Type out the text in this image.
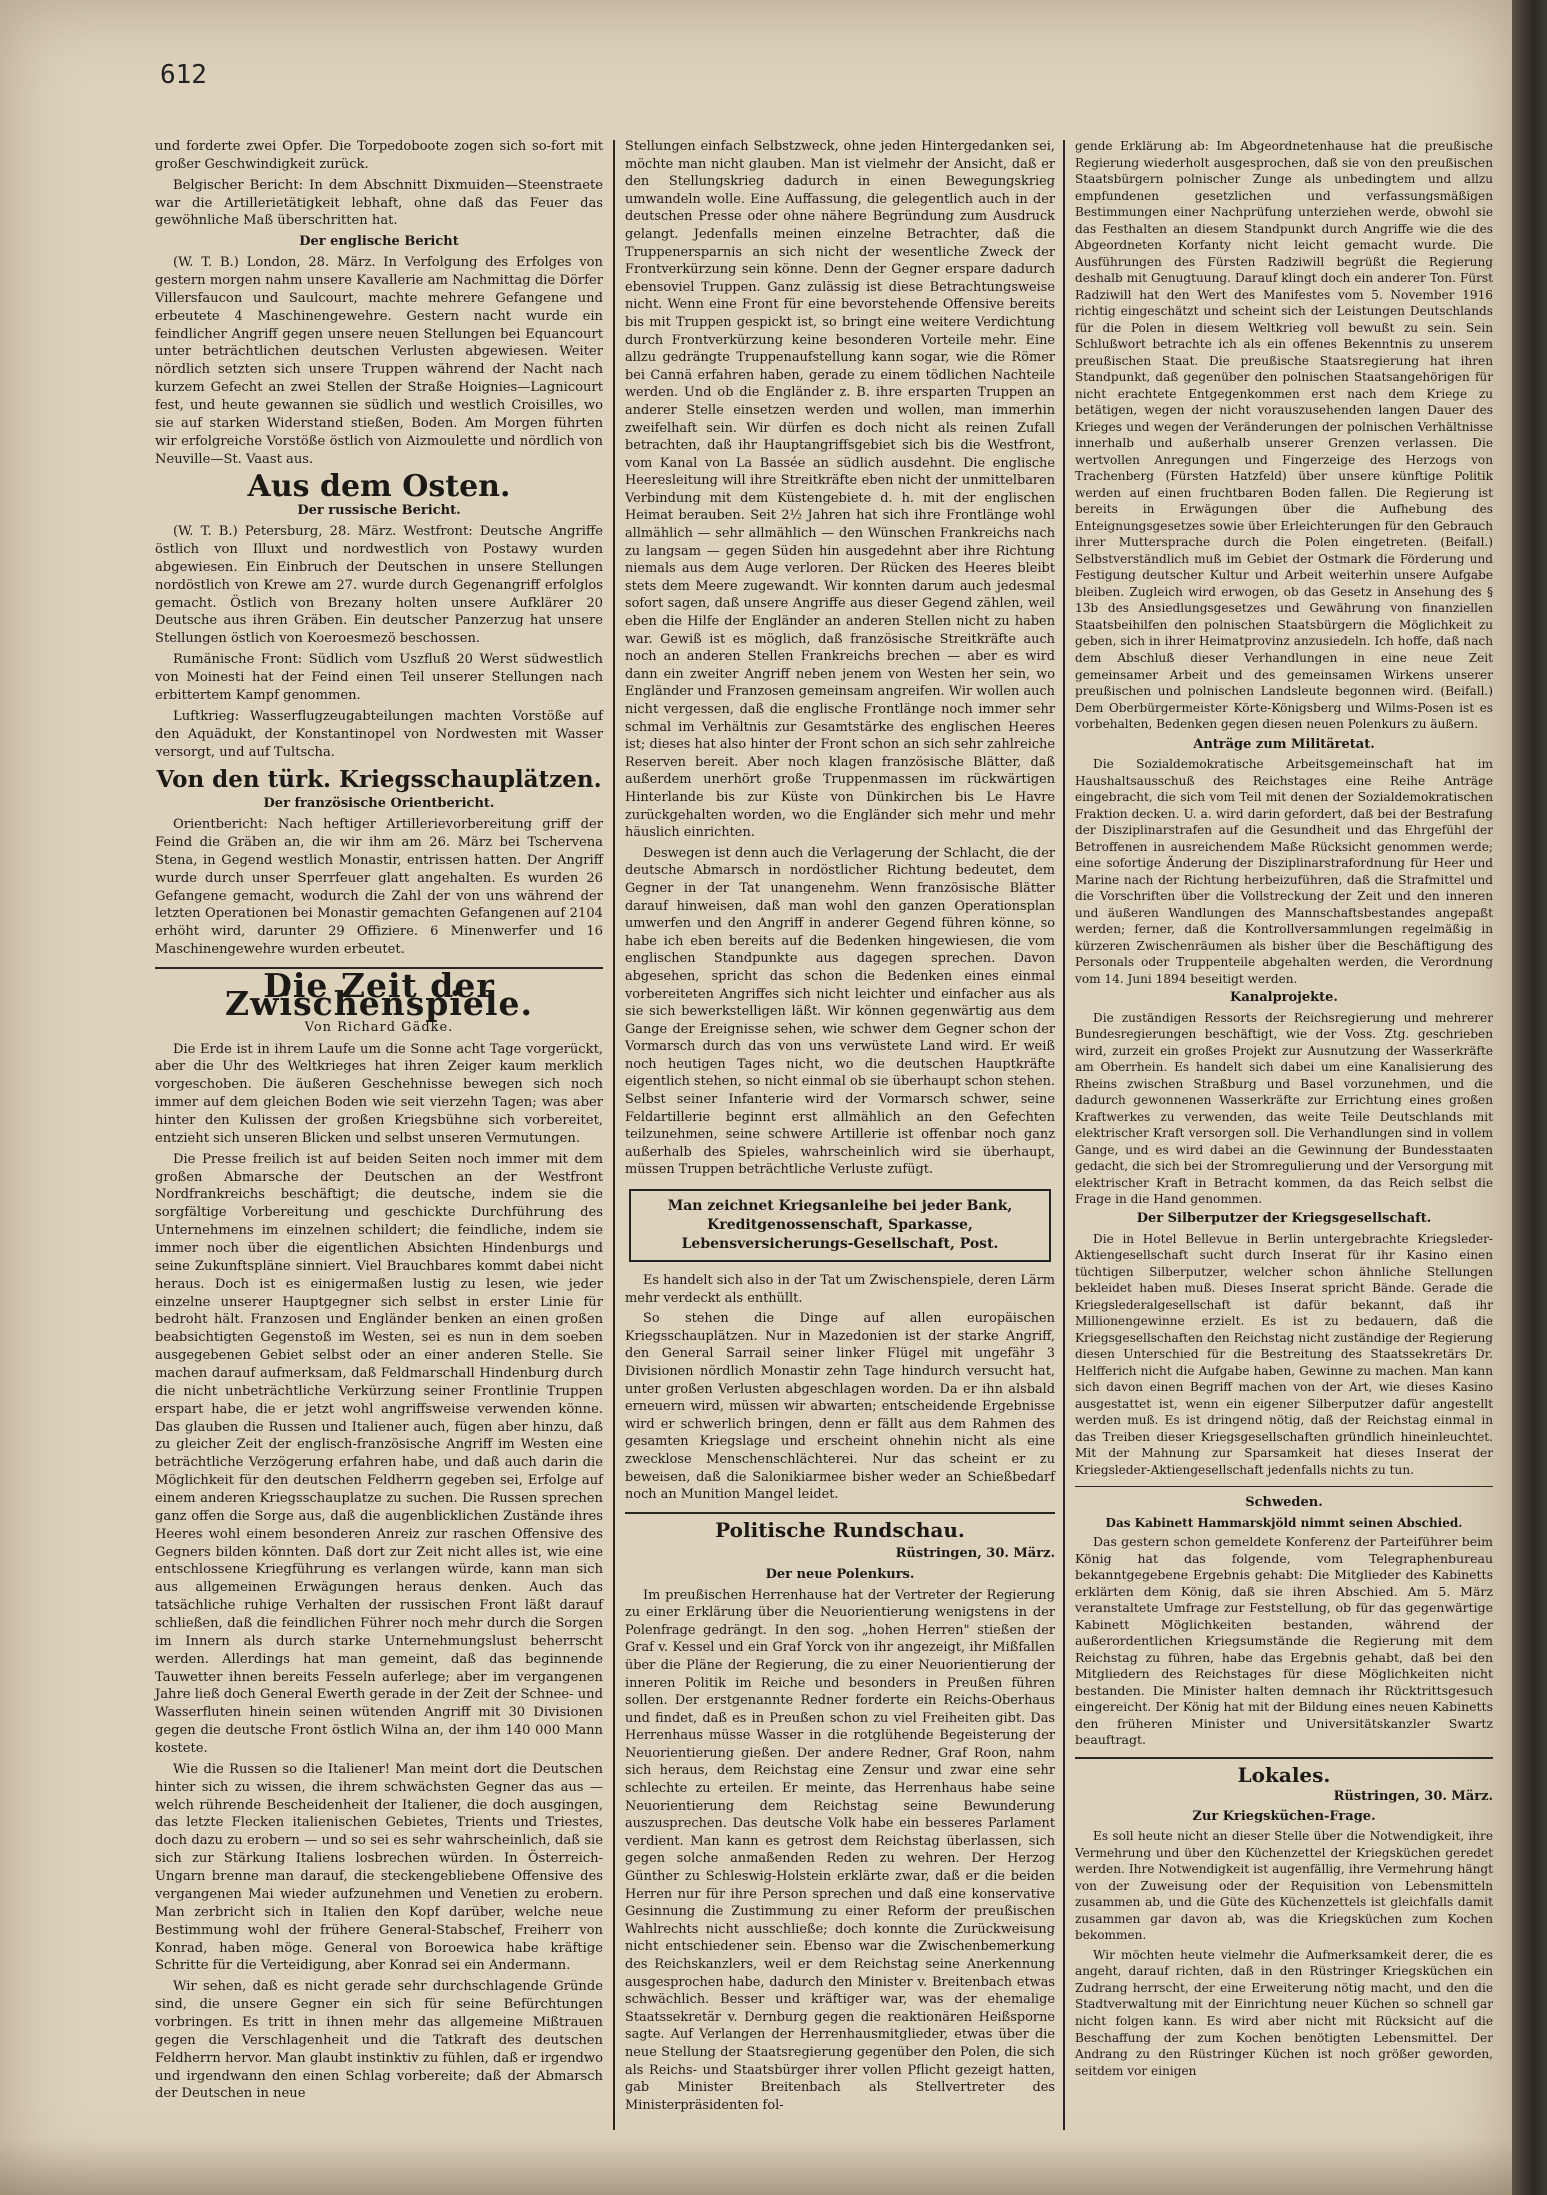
612

und forderte zwei Opfer. Die Torpedoboote zogen sich so-fort mit großer Geschwindigkeit zurück.

Belgischer Bericht: In dem Abschnitt Dixmuiden—Steenstraete war die Artillerietätigkeit lebhaft, ohne daß das Feuer das gewöhnliche Maß überschritten hat.

Der englische Bericht

(W. T. B.) London, 28. März. In Verfolgung des Erfolges von gestern morgen nahm unsere Kavallerie am Nachmittag die Dörfer Villersfaucon und Saulcourt, machte mehrere Gefangene und erbeutete 4 Maschinengewehre. Gestern nacht wurde ein feindlicher Angriff gegen unsere neuen Stellungen bei Equancourt unter beträchtlichen deutschen Verlusten abgewiesen. Weiter nördlich setzten sich unsere Truppen während der Nacht nach kurzem Gefecht an zwei Stellen der Straße Hoignies—Lagnicourt fest, und heute gewannen sie südlich und westlich Croisilles, wo sie auf starken Widerstand stießen, Boden. Am Morgen führten wir erfolgreiche Vorstöße östlich von Aizmoulette und nördlich von Neuville—St. Vaast aus.

Aus dem Osten.
Der russische Bericht.

(W. T. B.) Petersburg, 28. März. Westfront: Deutsche Angriffe östlich von Illuxt und nordwestlich von Postawy wurden abgewiesen. Ein Einbruch der Deutschen in unsere Stellungen nordöstlich von Krewe am 27. wurde durch Gegenangriff erfolglos gemacht. Östlich von Brezany holten unsere Aufklärer 20 Deutsche aus ihren Gräben. Ein deutscher Panzerzug hat unsere Stellungen östlich von Koeroesmezö beschossen.

Rumänische Front: Südlich vom Uszfluß 20 Werst südwestlich von Moinesti hat der Feind einen Teil unserer Stellungen nach erbittertem Kampf genommen.

Luftkrieg: Wasserflugzeugabteilungen machten Vorstöße auf den Aquädukt, der Konstantinopel von Nordwesten mit Wasser versorgt, und auf Tultscha.

Von den türk. Kriegsschauplätzen.
Der französische Orientbericht.

Orientbericht: Nach heftiger Artillerievorbereitung griff der Feind die Gräben an, die wir ihm am 26. März bei Tschervena Stena, in Gegend westlich Monastir, entrissen hatten. Der Angriff wurde durch unser Sperrfeuer glatt angehalten. Es wurden 26 Gefangene gemacht, wodurch die Zahl der von uns während der letzten Operationen bei Monastir gemachten Gefangenen auf 2104 erhöht wird, darunter 29 Offiziere. 6 Minenwerfer und 16 Maschinengewehre wurden erbeutet.

Die Zeit der Zwischenspiele.
Von Richard Gädke.

Die Erde ist in ihrem Laufe um die Sonne acht Tage vorgerückt, aber die Uhr des Weltkrieges hat ihren Zeiger kaum merklich vorgeschoben. Die äußeren Geschehnisse bewegen sich noch immer auf dem gleichen Boden wie seit vierzehn Tagen; was aber hinter den Kulissen der großen Kriegsbühne sich vorbereitet, entzieht sich unseren Blicken und selbst unseren Vermutungen.

Die Presse freilich ist auf beiden Seiten noch immer mit dem großen Abmarsche der Deutschen an der Westfront Nordfrankreichs beschäftigt; die deutsche, indem sie die sorgfältige Vorbereitung und geschickte Durchführung des Unternehmens im einzelnen schildert; die feindliche, indem sie immer noch über die eigentlichen Absichten Hindenburgs und seine Zukunftspläne sinniert. Viel Brauchbares kommt dabei nicht heraus. Doch ist es einigermaßen lustig zu lesen, wie jeder einzelne unserer Hauptgegner sich selbst in erster Linie für bedroht hält. Franzosen und Engländer benken an einen großen beabsichtigten Gegenstoß im Westen, sei es nun in dem soeben ausgegebenen Gebiet selbst oder an einer anderen Stelle. Sie machen darauf aufmerksam, daß Feldmarschall Hindenburg durch die nicht unbeträchtliche Verkürzung seiner Frontlinie Truppen erspart habe, die er jetzt wohl angriffsweise verwenden könne. Das glauben die Russen und Italiener auch, fügen aber hinzu, daß zu gleicher Zeit der englisch-französische Angriff im Westen eine beträchtliche Verzögerung erfahren habe, und daß auch darin die Möglichkeit für den deutschen Feldherrn gegeben sei, Erfolge auf einem anderen Kriegsschauplatze zu suchen. Die Russen sprechen ganz offen die Sorge aus, daß die augenblicklichen Zustände ihres Heeres wohl einem besonderen Anreiz zur raschen Offensive des Gegners bilden könnten. Daß dort zur Zeit nicht alles ist, wie eine entschlossene Kriegführung es verlangen würde, kann man sich aus allgemeinen Erwägungen heraus denken. Auch das tatsächliche ruhige Verhalten der russischen Front läßt darauf schließen, daß die feindlichen Führer noch mehr durch die Sorgen im Innern als durch starke Unternehmungslust beherrscht werden. Allerdings hat man gemeint, daß das beginnende Tauwetter ihnen bereits Fesseln auferlege; aber im vergangenen Jahre ließ doch General Ewerth gerade in der Zeit der Schnee- und Wasserfluten hinein seinen wütenden Angriff mit 30 Divisionen gegen die deutsche Front östlich Wilna an, der ihm 140 000 Mann kostete.

Wie die Russen so die Italiener! Man meint dort die Deutschen hinter sich zu wissen, die ihrem schwächsten Gegner das aus — welch rührende Bescheidenheit der Italiener, die doch ausgingen, das letzte Flecken italienischen Gebietes, Trients und Triestes, doch dazu zu erobern — und so sei es sehr wahrscheinlich, daß sie sich zur Stärkung Italiens losbrechen würden. In Österreich-Ungarn brenne man darauf, die steckengebliebene Offensive des vergangenen Mai wieder aufzunehmen und Venetien zu erobern. Man zerbricht sich in Italien den Kopf darüber, welche neue Bestimmung wohl der frühere General-Stabschef, Freiherr von Konrad, haben möge. General von Boroewica habe kräftige Schritte für die Verteidigung, aber Konrad sei ein Andermann.

Wir sehen, daß es nicht gerade sehr durchschlagende Gründe sind, die unsere Gegner ein sich für seine Befürchtungen vorbringen. Es tritt in ihnen mehr das allgemeine Mißtrauen gegen die Verschlagenheit und die Tatkraft des deutschen Feldherrn hervor. Man glaubt instinktiv zu fühlen, daß er irgendwo und irgendwann den einen Schlag vorbereite; daß der Abmarsch der Deutschen in neue

Stellungen einfach Selbstzweck, ohne jeden Hintergedanken sei, möchte man nicht glauben. Man ist vielmehr der Ansicht, daß er den Stellungskrieg dadurch in einen Bewegungskrieg umwandeln wolle. Eine Auffassung, die gelegentlich auch in der deutschen Presse oder ohne nähere Begründung zum Ausdruck gelangt. Jedenfalls meinen einzelne Betrachter, daß die Truppenersparnis an sich nicht der wesentliche Zweck der Frontverkürzung sein könne. Denn der Gegner erspare dadurch ebensoviel Truppen. Ganz zulässig ist diese Betrachtungsweise nicht. Wenn eine Front für eine bevorstehende Offensive bereits bis mit Truppen gespickt ist, so bringt eine weitere Verdichtung durch Frontverkürzung keine besonderen Vorteile mehr. Eine allzu gedrängte Truppenaufstellung kann sogar, wie die Römer bei Cannä erfahren haben, gerade zu einem tödlichen Nachteile werden. Und ob die Engländer z. B. ihre ersparten Truppen an anderer Stelle einsetzen werden und wollen, man immerhin zweifelhaft sein. Wir dürfen es doch nicht als reinen Zufall betrachten, daß ihr Hauptangriffsgebiet sich bis die Westfront, vom Kanal von La Bassée an südlich ausdehnt. Die englische Heeresleitung will ihre Streitkräfte eben nicht der unmittelbaren Verbindung mit dem Küstengebiete d. h. mit der englischen Heimat berauben. Seit 2½ Jahren hat sich ihre Frontlänge wohl allmählich — sehr allmählich — den Wünschen Frankreichs nach zu langsam — gegen Süden hin ausgedehnt aber ihre Richtung niemals aus dem Auge verloren. Der Rücken des Heeres bleibt stets dem Meere zugewandt. Wir konnten darum auch jedesmal sofort sagen, daß unsere Angriffe aus dieser Gegend zählen, weil eben die Hilfe der Engländer an anderen Stellen nicht zu haben war. Gewiß ist es möglich, daß französische Streitkräfte auch noch an anderen Stellen Frankreichs brechen — aber es wird dann ein zweiter Angriff neben jenem von Westen her sein, wo Engländer und Franzosen gemeinsam angreifen. Wir wollen auch nicht vergessen, daß die englische Frontlänge noch immer sehr schmal im Verhältnis zur Gesamtstärke des englischen Heeres ist; dieses hat also hinter der Front schon an sich sehr zahlreiche Reserven bereit. Aber noch klagen französische Blätter, daß außerdem unerhört große Truppenmassen im rückwärtigen Hinterlande bis zur Küste von Dünkirchen bis Le Havre zurückgehalten worden, wo die Engländer sich mehr und mehr häuslich einrichten.

Deswegen ist denn auch die Verlagerung der Schlacht, die der deutsche Abmarsch in nordöstlicher Richtung bedeutet, dem Gegner in der Tat unangenehm. Wenn französische Blätter darauf hinweisen, daß man wohl den ganzen Operationsplan umwerfen und den Angriff in anderer Gegend führen könne, so habe ich eben bereits auf die Bedenken hingewiesen, die vom englischen Standpunkte aus dagegen sprechen. Davon abgesehen, spricht das schon die Bedenken eines einmal vorbereiteten Angriffes sich nicht leichter und einfacher aus als sie sich bewerkstelligen läßt. Wir können gegenwärtig aus dem Gange der Ereignisse sehen, wie schwer dem Gegner schon der Vormarsch durch das von uns verwüstete Land wird. Er weiß noch heutigen Tages nicht, wo die deutschen Hauptkräfte eigentlich stehen, so nicht einmal ob sie überhaupt schon stehen. Selbst seiner Infanterie wird der Vormarsch schwer, seine Feldartillerie beginnt erst allmählich an den Gefechten teilzunehmen, seine schwere Artillerie ist offenbar noch ganz außerhalb des Spieles, wahrscheinlich wird sie überhaupt, müssen Truppen beträchtliche Verluste zufügt.

Man zeichnet Kriegsanleihe bei jeder Bank, Kreditgenossenschaft, Sparkasse, Lebensversicherungs-Gesellschaft, Post.

Es handelt sich also in der Tat um Zwischenspiele, deren Lärm mehr verdeckt als enthüllt.

So stehen die Dinge auf allen europäischen Kriegsschauplätzen. Nur in Mazedonien ist der starke Angriff, den General Sarrail seiner linker Flügel mit ungefähr 3 Divisionen nördlich Monastir zehn Tage hindurch versucht hat, unter großen Verlusten abgeschlagen worden. Da er ihn alsbald erneuern wird, müssen wir abwarten; entscheidende Ergebnisse wird er schwerlich bringen, denn er fällt aus dem Rahmen des gesamten Kriegslage und erscheint ohnehin nicht als eine zwecklose Menschenschlächterei. Nur das scheint er zu beweisen, daß die Salonikiarmee bisher weder an Schießbedarf noch an Munition Mangel leidet.

Politische Rundschau.
Rüstringen, 30. März.
Der neue Polenkurs.

Im preußischen Herrenhause hat der Vertreter der Regierung zu einer Erklärung über die Neuorientierung wenigstens in der Polenfrage gedrängt. In den sog. „hohen Herren" stießen der Graf v. Kessel und ein Graf Yorck von ihr angezeigt, ihr Mißfallen über die Pläne der Regierung, die zu einer Neuorientierung der inneren Politik im Reiche und besonders in Preußen führen sollen. Der erstgenannte Redner forderte ein Reichs-Oberhaus und findet, daß es in Preußen schon zu viel Freiheiten gibt. Das Herrenhaus müsse Wasser in die rotglühende Begeisterung der Neuorientierung gießen. Der andere Redner, Graf Roon, nahm sich heraus, dem Reichstag eine Zensur und zwar eine sehr schlechte zu erteilen. Er meinte, das Herrenhaus habe seine Neuorientierung dem Reichstag seine Bewunderung auszusprechen. Das deutsche Volk habe ein besseres Parlament verdient. Man kann es getrost dem Reichstag überlassen, sich gegen solche anmaßenden Reden zu wehren. Der Herzog Günther zu Schleswig-Holstein erklärte zwar, daß er die beiden Herren nur für ihre Person sprechen und daß eine konservative Gesinnung die Zustimmung zu einer Reform der preußischen Wahlrechts nicht ausschließe; doch konnte die Zurückweisung nicht entschiedener sein. Ebenso war die Zwischenbemerkung des Reichskanzlers, weil er dem Reichstag seine Anerkennung ausgesprochen habe, dadurch den Minister v. Breitenbach etwas schwächlich. Besser und kräftiger war, was der ehemalige Staatssekretär v. Dernburg gegen die reaktionären Heißsporne sagte. Auf Verlangen der Herrenhausmitglieder, etwas über die neue Stellung der Staatsregierung gegenüber den Polen, die sich als Reichs- und Staatsbürger ihrer vollen Pflicht gezeigt hatten, gab Minister Breitenbach als Stellvertreter des Ministerpräsidenten fol-

gende Erklärung ab: Im Abgeordnetenhause hat die preußische Regierung wiederholt ausgesprochen, daß sie von den preußischen Staatsbürgern polnischer Zunge als unbedingtem und allzu empfundenen gesetzlichen und verfassungsmäßigen Bestimmungen einer Nachprüfung unterziehen werde, obwohl sie das Festhalten an diesem Standpunkt durch Angriffe wie die des Abgeordneten Korfanty nicht leicht gemacht wurde. Die Ausführungen des Fürsten Radziwill begrüßt die Regierung deshalb mit Genugtuung. Darauf klingt doch ein anderer Ton. Fürst Radziwill hat den Wert des Manifestes vom 5. November 1916 richtig eingeschätzt und scheint sich der Leistungen Deutschlands für die Polen in diesem Weltkrieg voll bewußt zu sein. Sein Schlußwort betrachte ich als ein offenes Bekenntnis zu unserem preußischen Staat. Die preußische Staatsregierung hat ihren Standpunkt, daß gegenüber den polnischen Staatsangehörigen für nicht erachtete Entgegenkommen erst nach dem Kriege zu betätigen, wegen der nicht vorauszusehenden langen Dauer des Krieges und wegen der Veränderungen der polnischen Verhältnisse innerhalb und außerhalb unserer Grenzen verlassen. Die wertvollen Anregungen und Fingerzeige des Herzogs von Trachenberg (Fürsten Hatzfeld) über unsere künftige Politik werden auf einen fruchtbaren Boden fallen. Die Regierung ist bereits in Erwägungen über die Aufhebung des Enteignungsgesetzes sowie über Erleichterungen für den Gebrauch ihrer Muttersprache durch die Polen eingetreten. (Beifall.) Selbstverständlich muß im Gebiet der Ostmark die Förderung und Festigung deutscher Kultur und Arbeit weiterhin unsere Aufgabe bleiben. Zugleich wird erwogen, ob das Gesetz in Ansehung des § 13b des Ansiedlungsgesetzes und Gewährung von finanziellen Staatsbeihilfen den polnischen Staatsbürgern die Möglichkeit zu geben, sich in ihrer Heimatprovinz anzusiedeln. Ich hoffe, daß nach dem Abschluß dieser Verhandlungen in eine neue Zeit gemeinsamer Arbeit und des gemeinsamen Wirkens unserer preußischen und polnischen Landsleute begonnen wird. (Beifall.) Dem Oberbürgermeister Körte-Königsberg und Wilms-Posen ist es vorbehalten, Bedenken gegen diesen neuen Polenkurs zu äußern.

Anträge zum Militäretat.

Die Sozialdemokratische Arbeitsgemeinschaft hat im Haushaltsausschuß des Reichstages eine Reihe Anträge eingebracht, die sich vom Teil mit denen der Sozialdemokratischen Fraktion decken. U. a. wird darin gefordert, daß bei der Bestrafung der Disziplinarstrafen auf die Gesundheit und das Ehrgefühl der Betroffenen in ausreichendem Maße Rücksicht genommen werde; eine sofortige Änderung der Disziplinarstrafordnung für Heer und Marine nach der Richtung herbeizuführen, daß die Strafmittel und die Vorschriften über die Vollstreckung der Zeit und den inneren und äußeren Wandlungen des Mannschaftsbestandes angepaßt werden; ferner, daß die Kontrollversammlungen regelmäßig in kürzeren Zwischenräumen als bisher über die Beschäftigung des Personals oder Truppenteile abgehalten werden, die Verordnung vom 14. Juni 1894 beseitigt werden.

Kanalprojekte.

Die zuständigen Ressorts der Reichsregierung und mehrerer Bundesregierungen beschäftigt, wie der Voss. Ztg. geschrieben wird, zurzeit ein großes Projekt zur Ausnutzung der Wasserkräfte am Oberrhein. Es handelt sich dabei um eine Kanalisierung des Rheins zwischen Straßburg und Basel vorzunehmen, und die dadurch gewonnenen Wasserkräfte zur Errichtung eines großen Kraftwerkes zu verwenden, das weite Teile Deutschlands mit elektrischer Kraft versorgen soll. Die Verhandlungen sind in vollem Gange, und es wird dabei an die Gewinnung der Bundesstaaten gedacht, die sich bei der Stromregulierung und der Versorgung mit elektrischer Kraft in Betracht kommen, da das Reich selbst die Frage in die Hand genommen.

Der Silberputzer der Kriegsgesellschaft.

Die in Hotel Bellevue in Berlin untergebrachte Kriegsleder-Aktiengesellschaft sucht durch Inserat für ihr Kasino einen tüchtigen Silberputzer, welcher schon ähnliche Stellungen bekleidet haben muß. Dieses Inserat spricht Bände. Gerade die Kriegslederalgesellschaft ist dafür bekannt, daß ihr Millionengewinne erzielt. Es ist zu bedauern, daß die Kriegsgesellschaften den Reichstag nicht zuständige der Regierung diesen Unterschied für die Bestreitung des Staatssekretärs Dr. Helfferich nicht die Aufgabe haben, Gewinne zu machen. Man kann sich davon einen Begriff machen von der Art, wie dieses Kasino ausgestattet ist, wenn ein eigener Silberputzer dafür angestellt werden muß. Es ist dringend nötig, daß der Reichstag einmal in das Treiben dieser Kriegsgesellschaften gründlich hineinleuchtet. Mit der Mahnung zur Sparsamkeit hat dieses Inserat der Kriegsleder-Aktiengesellschaft jedenfalls nichts zu tun.

Schweden.
Das Kabinett Hammarskjöld nimmt seinen Abschied.

Das gestern schon gemeldete Konferenz der Parteiführer beim König hat das folgende, vom Telegraphenbureau bekanntgegebene Ergebnis gehabt: Die Mitglieder des Kabinetts erklärten dem König, daß sie ihren Abschied. Am 5. März veranstaltete Umfrage zur Feststellung, ob für das gegenwärtige Kabinett Möglichkeiten bestanden, während der außerordentlichen Kriegsumstände die Regierung mit dem Reichstag zu führen, habe das Ergebnis gehabt, daß bei den Mitgliedern des Reichstages für diese Möglichkeiten nicht bestanden. Die Minister halten demnach ihr Rücktrittsgesuch eingereicht. Der König hat mit der Bildung eines neuen Kabinetts den früheren Minister und Universitätskanzler Swartz beauftragt.

Lokales.
Rüstringen, 30. März.
Zur Kriegsküchen-Frage.

Es soll heute nicht an dieser Stelle über die Notwendigkeit, ihre Vermehrung und über den Küchenzettel der Kriegsküchen geredet werden. Ihre Notwendigkeit ist augenfällig, ihre Vermehrung hängt von der Zuweisung oder der Requisition von Lebensmitteln zusammen ab, und die Güte des Küchenzettels ist gleichfalls damit zusammen gar davon ab, was die Kriegsküchen zum Kochen bekommen.

Wir möchten heute vielmehr die Aufmerksamkeit derer, die es angeht, darauf richten, daß in den Rüstringer Kriegsküchen ein Zudrang herrscht, der eine Erweiterung nötig macht, und den die Stadtverwaltung mit der Einrichtung neuer Küchen so schnell gar nicht folgen kann. Es wird aber nicht mit Rücksicht auf die Beschaffung der zum Kochen benötigten Lebensmittel. Der Andrang zu den Rüstringer Küchen ist noch größer geworden, seitdem vor einigen
